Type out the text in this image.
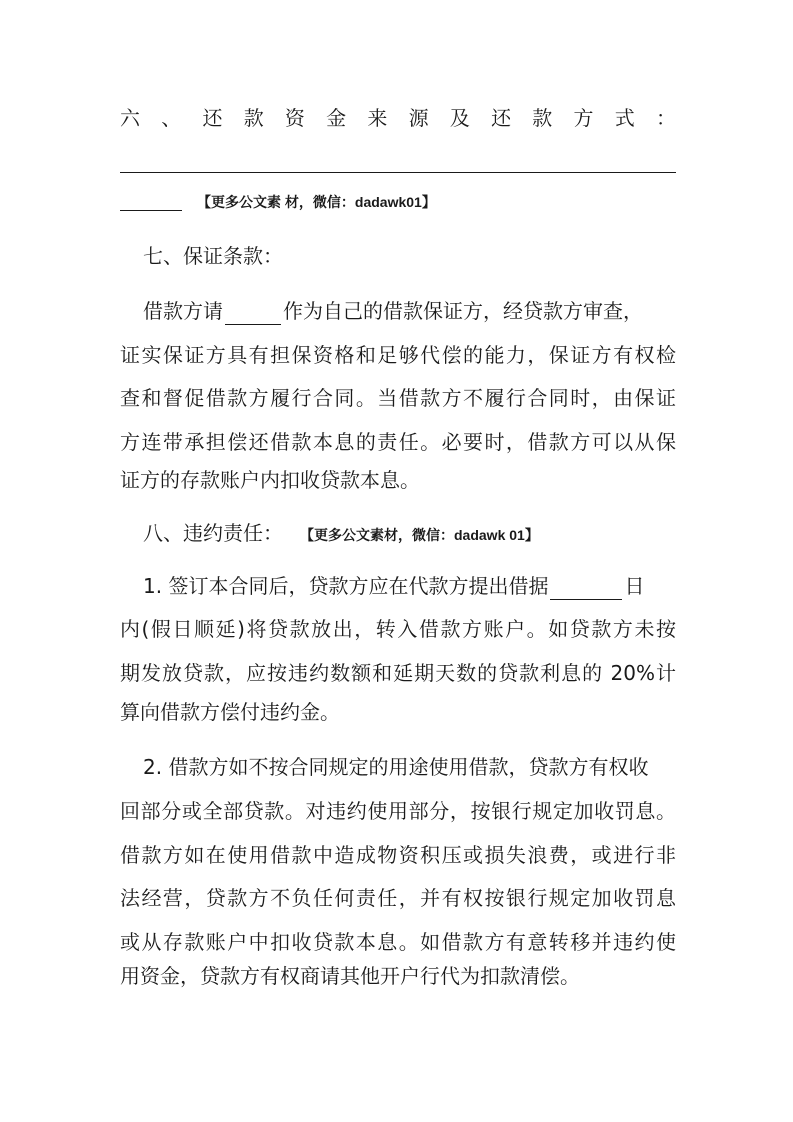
六 、 还 款 资 金 来 源 及 还 款 方 式 ：
【更多公文素 材，微信：dadawk01】
七、保证条款：
借款方请	作为自己的借款保证方，经贷款方审查，
证实保证方具有担保资格和足够代偿的能力，保证方有权检
查和督促借款方履行合同。当借款方不履行合同时，由保证
方连带承担偿还借款本息的责任。必要时，借款方可以从保
证方的存款账户内扣收贷款本息。
八、违约责任：	【更多公文素材，微信：dadawk 01】
1. 签订本合同后，贷款方应在代款方提出借据	日
内(假日顺延)将贷款放出，转入借款方账户。如贷款方未按
期发放贷款，应按违约数额和延期天数的贷款利息的 20%计
算向借款方偿付违约金。
2. 借款方如不按合同规定的用途使用借款，贷款方有权收
回部分或全部贷款。对违约使用部分，按银行规定加收罚息。
借款方如在使用借款中造成物资积压或损失浪费，或进行非
法经营，贷款方不负任何责任，并有权按银行规定加收罚息
或从存款账户中扣收贷款本息。如借款方有意转移并违约使
用资金，贷款方有权商请其他开户行代为扣款清偿。
